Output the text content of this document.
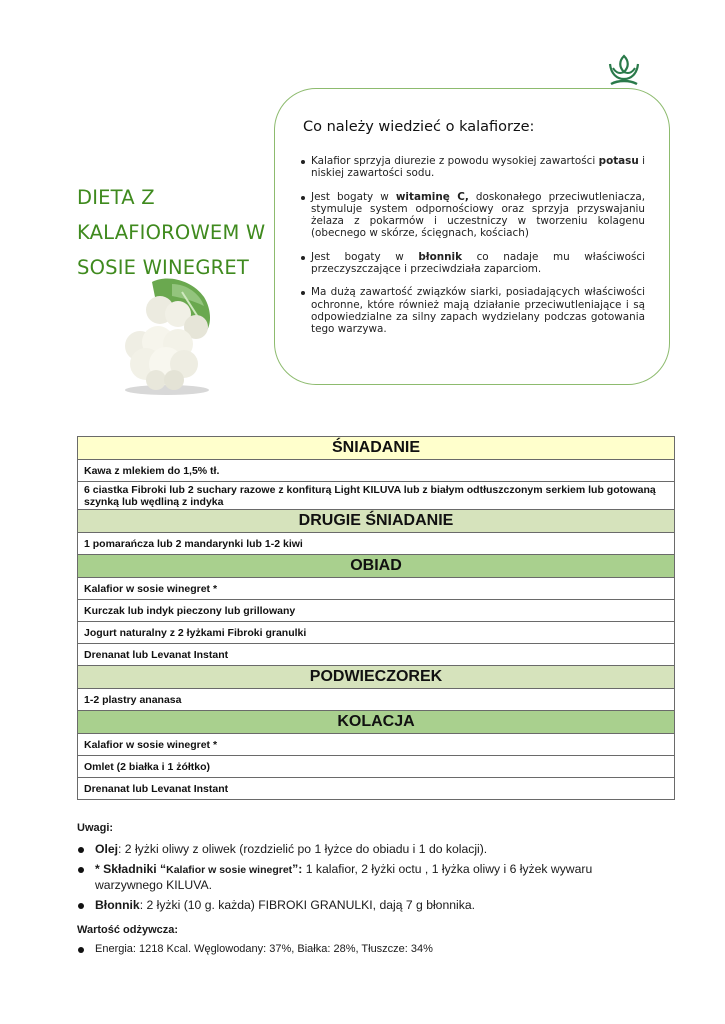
DIETA Z
KALAFIOROWEM W
SOSIE WINEGRET
Co należy wiedzieć o kalafiorze:
Kalafior sprzyja diurezie z powodu wysokiej zawartości potasu i niskiej zawartości sodu.
Jest bogaty w witaminę C, doskonałego przeciwutleniacza, stymuluje system odpornościowy oraz sprzyja przyswajaniu żelaza z pokarmów i uczestniczy w tworzeniu kolagenu (obecnego w skórze, ścięgnach, kościach)
Jest bogaty w błonnik co nadaje mu właściwości przeczyszczające i przeciwdziała zaparciom.
Ma dużą zawartość związków siarki, posiadających właściwości ochronne, które również mają działanie przeciwutleniające i są odpowiedzialne za silny zapach wydzielany podczas gotowania tego warzywa.
ŚNIADANIE
Kawa z mlekiem do 1,5% tł.
6 ciastka Fibroki lub 2 suchary razowe z konfiturą Light KILUVA lub z białym odtłuszczonym serkiem lub gotowaną szynką lub wędliną z indyka
DRUGIE ŚNIADANIE
1 pomarańcza lub 2 mandarynki lub 1-2 kiwi
OBIAD
Kalafior w sosie winegret *
Kurczak lub indyk pieczony lub grillowany
Jogurt naturalny z 2 łyżkami Fibroki granulki
Drenanat lub Levanat Instant
PODWIECZOREK
1-2 plastry ananasa
KOLACJA
Kalafior w sosie winegret *
Omlet (2 białka i 1 żółtko)
Drenanat lub Levanat Instant

Uwagi:

Olej: 2 łyżki oliwy z oliwek (rozdzielić po 1 łyżce do obiadu i 1 do kolacji).
* Składniki “Kalafior w sosie winegret”: 1 kalafior, 2 łyżki octu , 1 łyżka oliwy i 6 łyżek wywaru warzywnego KILUVA.
Błonnik: 2 łyżki (10 g. każda) FIBROKI GRANULKI, dają 7 g błonnika.

Wartość odżywcza:

Energia: 1218 Kcal. Węglowodany: 37%, Białka: 28%, Tłuszcze: 34%
